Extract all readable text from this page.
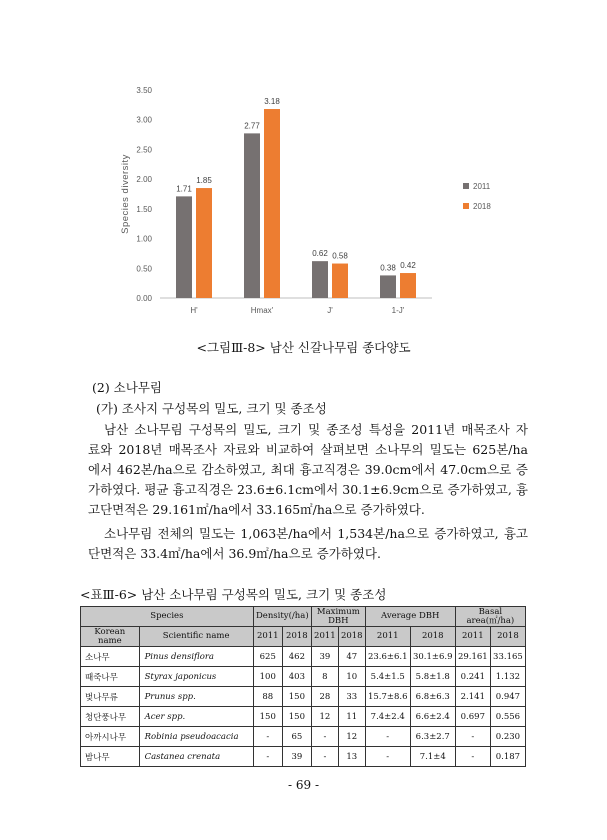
0.00
0.50
1.00
1.50
2.00
2.50
3.00
3.50
Species diversity	1.71
1.85
H'
2.77
3.18
Hmax'
0.62 0.58
J'
0.38 0.42
1-J'
2011
2018
<그림Ⅲ-8> 남산 신갈나무림 종다양도
(2) 소나무림
(가) 조사지 구성목의 밀도, 크기 및 종조성
남산 소나무림 구성목의 밀도, 크기 및 종조성 특성을 2011년 매목조사 자
료와 2018년 매목조사 자료와 비교하여 살펴보면 소나무의 밀도는 625본/ha
에서 462본/ha으로 감소하였고, 최대 흉고직경은 39.0cm에서 47.0cm으로 증
가하였다. 평균 흉고직경은 23.6±6.1cm에서 30.1±6.9cm으로 증가하였고, 흉
고단면적은 29.161㎡/ha에서 33.165㎡/ha으로 증가하였다.
소나무림 전체의 밀도는 1,063본/ha에서 1,534본/ha으로 증가하였고, 흉고
단면적은 33.4㎡/ha에서 36.9㎡/ha으로 증가하였다.
<표Ⅲ-6> 남산 소나무림 구성목의 밀도, 크기 및 종조성
Species		Density(/ha)		Maximum
DBH		Average DBH		Basal
area(㎡/ha)	
Korean
name	Scientific name	2011	2018	2011	2018	2011	2018	2011	2018
소나무	Pinus densiflora	625	462	39	47	23.6±6.1	30.1±6.9	29.161	33.165
때죽나무	Styrax japonicus	100	403	8	10	5.4±1.5	5.8±1.8	0.241	1.132
벚나무류	Prunus spp.	88	150	28	33	15.7±8.6	6.8±6.3	2.141	0.947
청단풍나무	Acer spp.	150	150	12	11	7.4±2.4	6.6±2.4	0.697	0.556
아까시나무	Robinia pseudoacacia	-	65	-	12	-	6.3±2.7	-	0.230
밤나무	Castanea crenata	-	39	-	13	-	7.1±4	-	0.187
- 69 -
